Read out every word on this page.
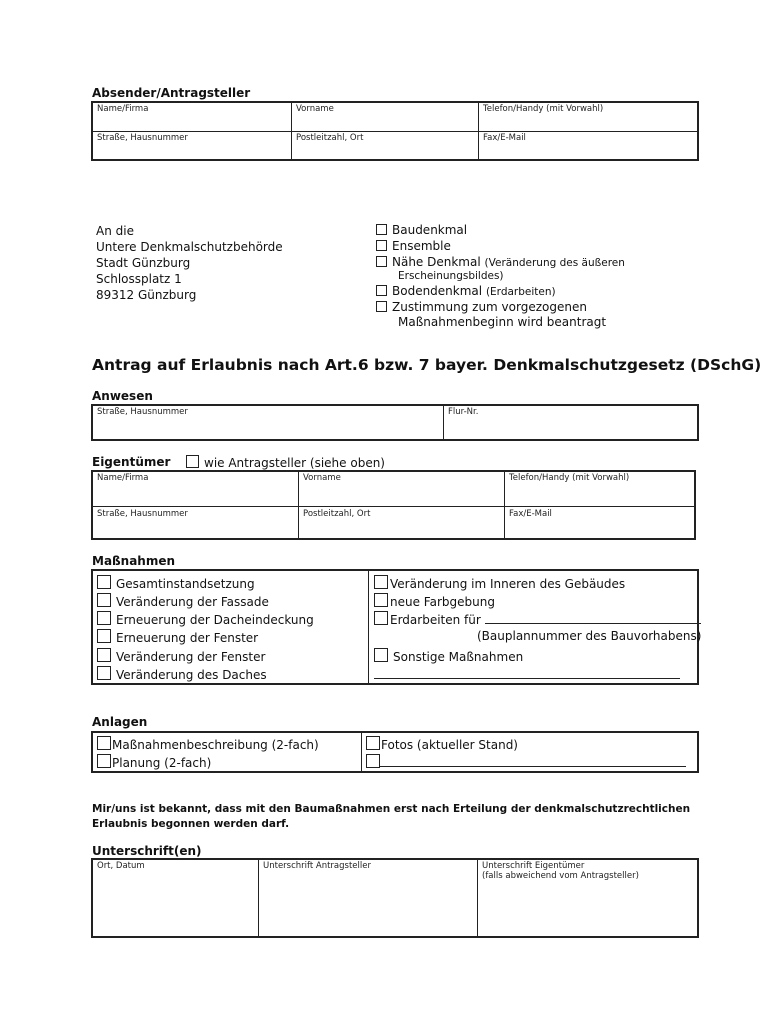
Absender/Antragsteller
Name/Firma	Vorname	Telefon/Handy (mit Vorwahl)
Straße, Hausnummer	Postleitzahl, Ort	Fax/E-Mail
An die
Untere Denkmalschutzbehörde
Stadt Günzburg
Schlossplatz 1
89312 Günzburg
Baudenkmal
Ensemble
Nähe Denkmal (Veränderung des äußeren
Erscheinungsbildes)
Bodendenkmal (Erdarbeiten)
Zustimmung zum vorgezogenen
Maßnahmenbeginn wird beantragt
Antrag auf Erlaubnis nach Art.6 bzw. 7 bayer. Denkmalschutzgesetz (DSchG)
Anwesen
Straße, Hausnummer	Flur-Nr.
Eigentümer	wie Antragsteller (siehe oben)
Name/Firma	Vorname	Telefon/Handy (mit Vorwahl)
Straße, Hausnummer	Postleitzahl, Ort	Fax/E-Mail
Maßnahmen
Gesamtinstandsetzung
Veränderung der Fassade
Erneuerung der Dacheindeckung
Erneuerung der Fenster
Veränderung der Fenster
Veränderung des Daches
Veränderung im Inneren des Gebäudes
neue Farbgebung
Erdarbeiten für
(Bauplannummer des Bauvorhabens)
Sonstige Maßnahmen
Anlagen
Maßnahmenbeschreibung (2-fach)
Planung (2-fach)
Fotos (aktueller Stand)
Mir/uns ist bekannt, dass mit den Baumaßnahmen erst nach Erteilung der denkmalschutzrechtlichen
Erlaubnis begonnen werden darf.
Unterschrift(en)
Ort, Datum	Unterschrift Antragsteller	Unterschrift Eigentümer
(falls abweichend vom Antragsteller)
